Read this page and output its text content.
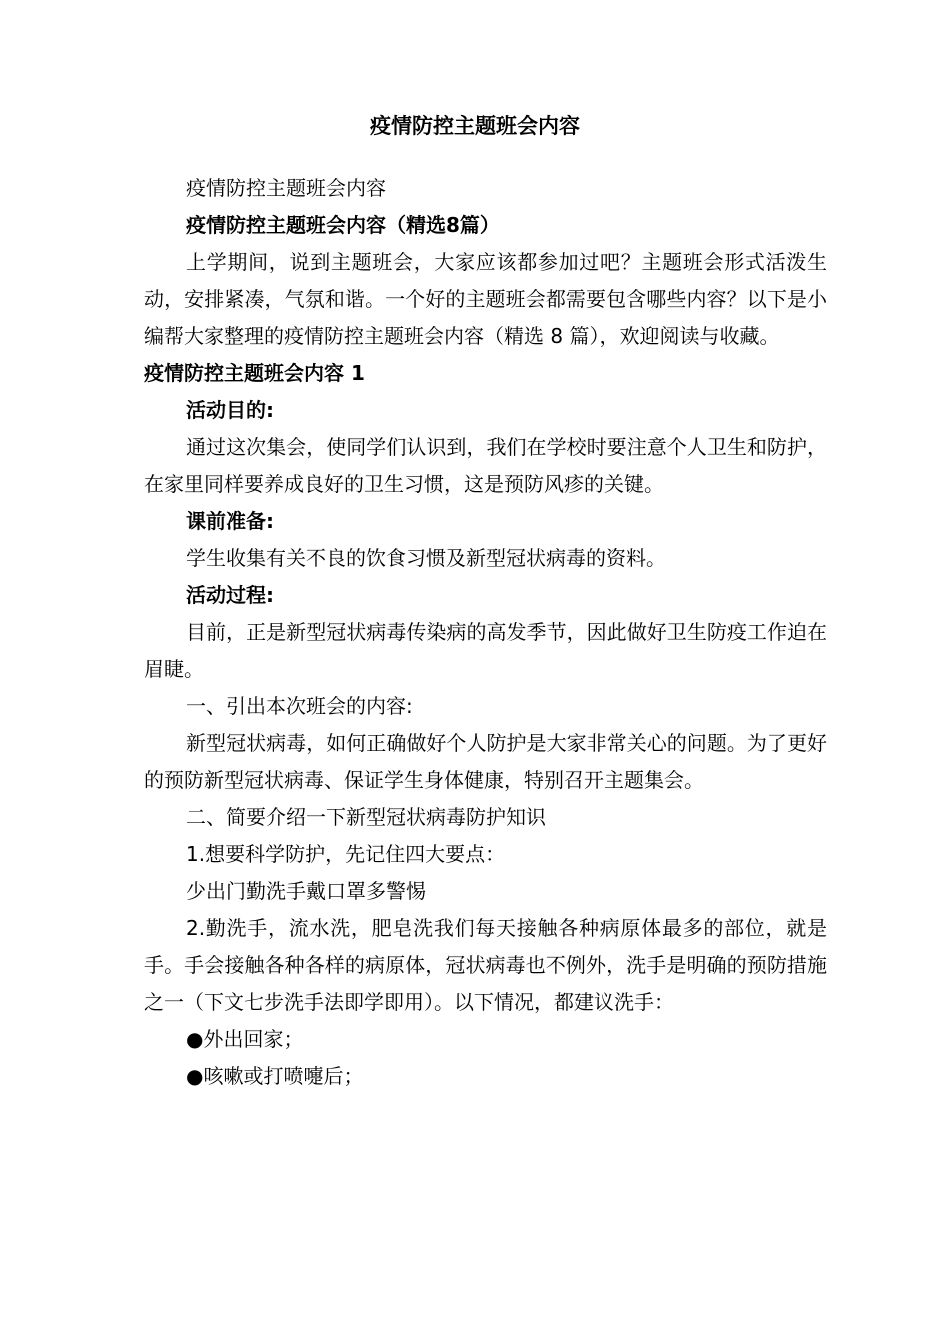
疫情防控主题班会内容

疫情防控主题班会内容

疫情防控主题班会内容（精选8篇）

上学期间，说到主题班会，大家应该都参加过吧？主题班会形式活泼生动，安排紧凑，气氛和谐。一个好的主题班会都需要包含哪些内容？以下是小编帮大家整理的疫情防控主题班会内容（精选 8 篇），欢迎阅读与收藏。

疫情防控主题班会内容 1

活动目的:

通过这次集会，使同学们认识到，我们在学校时要注意个人卫生和防护，在家里同样要养成良好的卫生习惯，这是预防风疹的关键。

课前准备:

学生收集有关不良的饮食习惯及新型冠状病毒的资料。

活动过程:

目前，正是新型冠状病毒传染病的高发季节，因此做好卫生防疫工作迫在眉睫。

一、引出本次班会的内容:

新型冠状病毒，如何正确做好个人防护是大家非常关心的问题。为了更好的预防新型冠状病毒、保证学生身体健康，特别召开主题集会。

二、简要介绍一下新型冠状病毒防护知识

1.想要科学防护，先记住四大要点：

少出门勤洗手戴口罩多警惕

2.勤洗手，流水洗，肥皂洗我们每天接触各种病原体最多的部位，就是手。手会接触各种各样的病原体，冠状病毒也不例外，洗手是明确的预防措施之一（下文七步洗手法即学即用）。以下情况，都建议洗手：

●外出回家；

●咳嗽或打喷嚏后；
